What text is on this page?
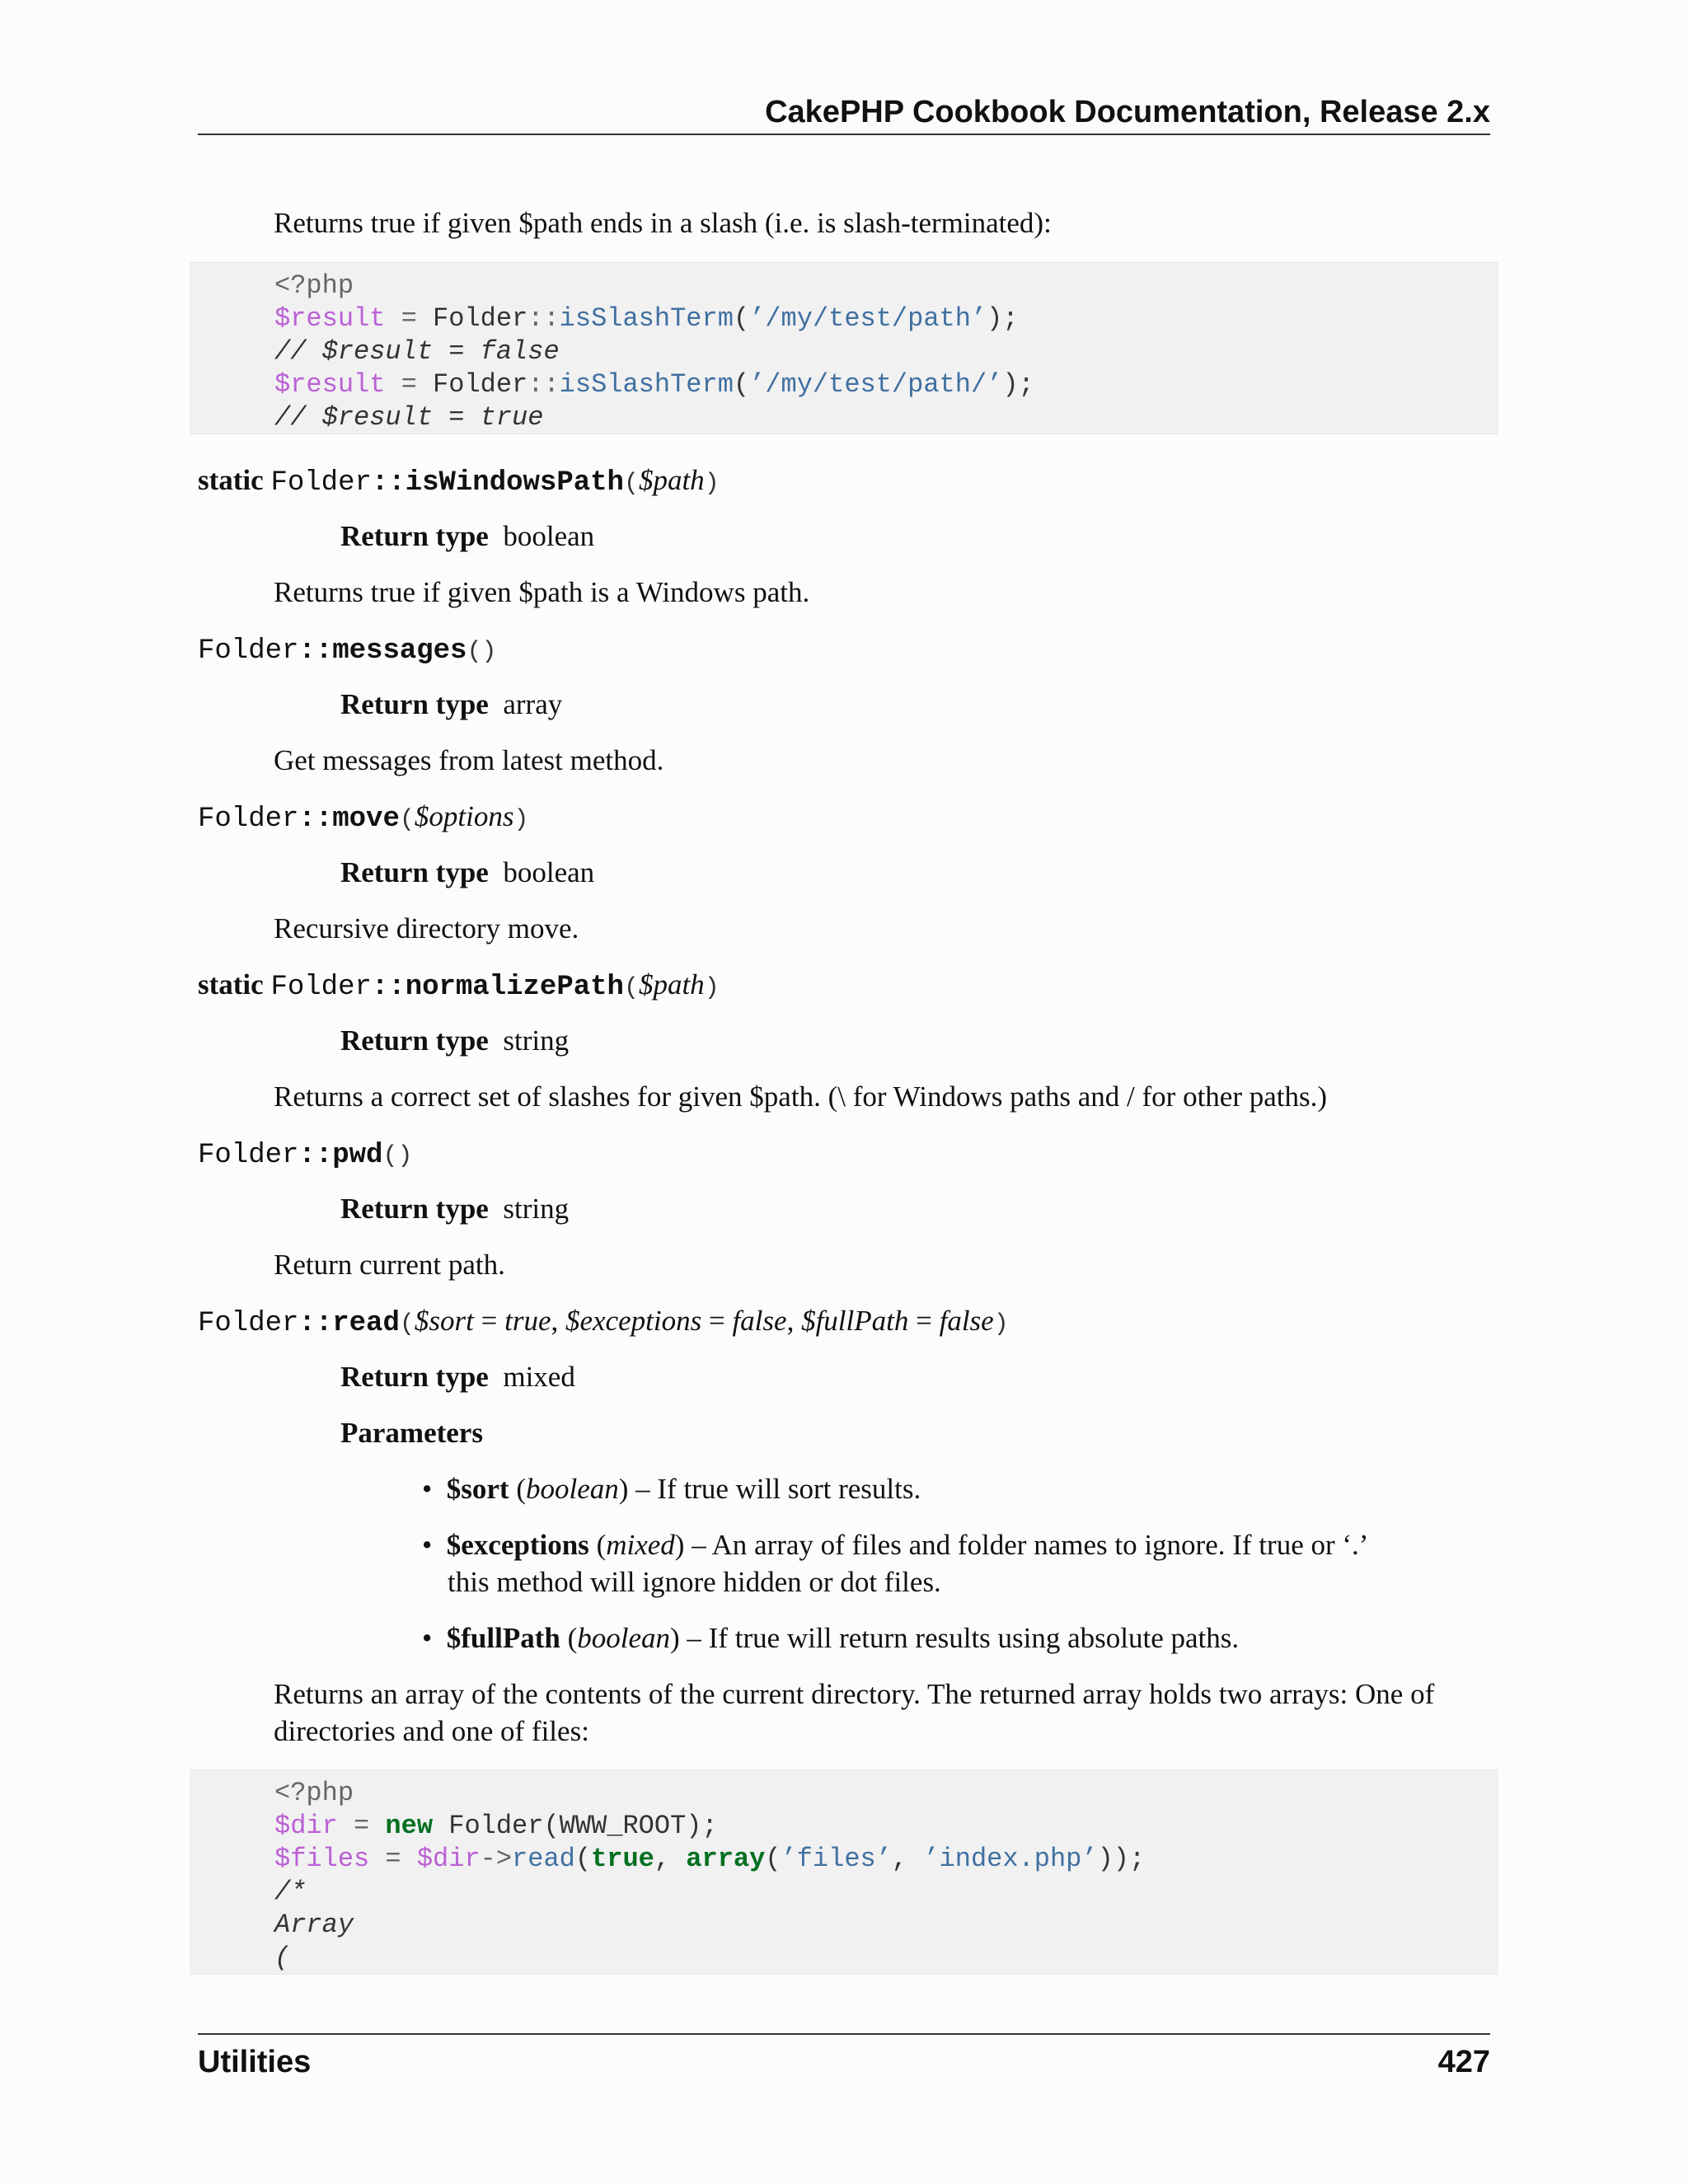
CakePHP Cookbook Documentation, Release 2.x
Returns true if given $path ends in a slash (i.e. is slash-terminated):
<?php
$result = Folder::isSlashTerm(’/my/test/path’);
// $result = false
$result = Folder::isSlashTerm(’/my/test/path/’);
// $result = true
static Folder::isWindowsPath($path)
Return type boolean
Returns true if given $path is a Windows path.
Folder::messages()
Return type array
Get messages from latest method.
Folder::move($options)
Return type boolean
Recursive directory move.
static Folder::normalizePath($path)
Return type string
Returns a correct set of slashes for given $path. (\ for Windows paths and / for other paths.)
Folder::pwd()
Return type string
Return current path.
Folder::read($sort = true, $exceptions = false, $fullPath = false)
Return type mixed
Parameters
•  $sort (boolean) – If true will sort results.
•  $exceptions (mixed) – An array of files and folder names to ignore. If true or ‘.’
this method will ignore hidden or dot files.
•  $fullPath (boolean) – If true will return results using absolute paths.
Returns an array of the contents of the current directory. The returned array holds two arrays: One of
directories and one of files:
<?php
$dir = new Folder(WWW_ROOT);
$files = $dir->read(true, array(’files’, ’index.php’));
/*
Array
(
Utilities	427
